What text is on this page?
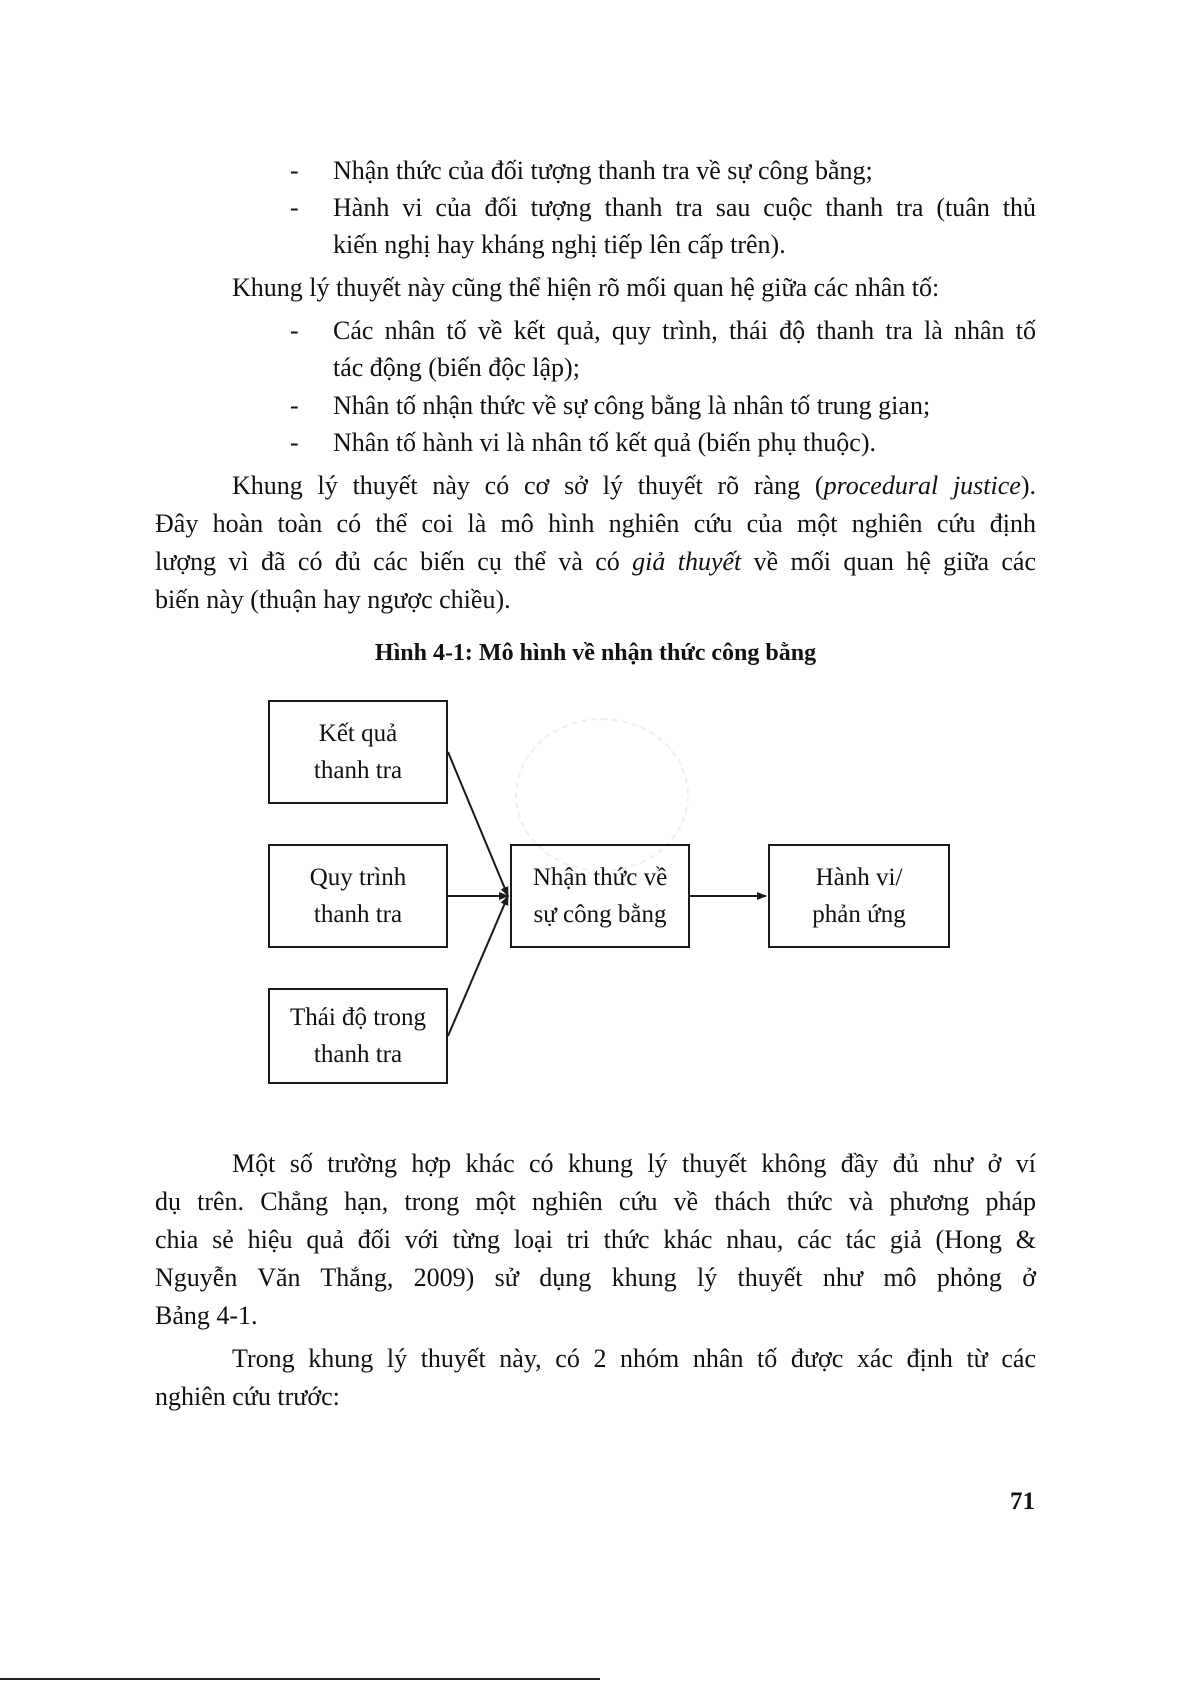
- Nhận thức của đối tượng thanh tra về sự công bằng;
- Hành vi của đối tượng thanh tra sau cuộc thanh tra (tuân thủ
kiến nghị hay kháng nghị tiếp lên cấp trên).
Khung lý thuyết này cũng thể hiện rõ mối quan hệ giữa các nhân tố:
- Các nhân tố về kết quả, quy trình, thái độ thanh tra là nhân tố
tác động (biến độc lập);
- Nhân tố nhận thức về sự công bằng là nhân tố trung gian;
- Nhân tố hành vi là nhân tố kết quả (biến phụ thuộc).
Khung lý thuyết này có cơ sở lý thuyết rõ ràng (procedural justice).
Đây hoàn toàn có thể coi là mô hình nghiên cứu của một nghiên cứu định
lượng vì đã có đủ các biến cụ thể và có giả thuyết về mối quan hệ giữa các
biến này (thuận hay ngược chiều).
Hình 4-1: Mô hình về nhận thức công bằng
Kết quả
thanh tra
Quy trình
thanh tra
Thái độ trong
thanh tra
Nhận thức về
sự công bằng
Hành vi/
phản ứng
Một số trường hợp khác có khung lý thuyết không đầy đủ như ở ví
dụ trên. Chẳng hạn, trong một nghiên cứu về thách thức và phương pháp
chia sẻ hiệu quả đối với từng loại tri thức khác nhau, các tác giả (Hong &
Nguyễn Văn Thắng, 2009) sử dụng khung lý thuyết như mô phỏng ở
Bảng 4-1.
Trong khung lý thuyết này, có 2 nhóm nhân tố được xác định từ các
nghiên cứu trước:
71
